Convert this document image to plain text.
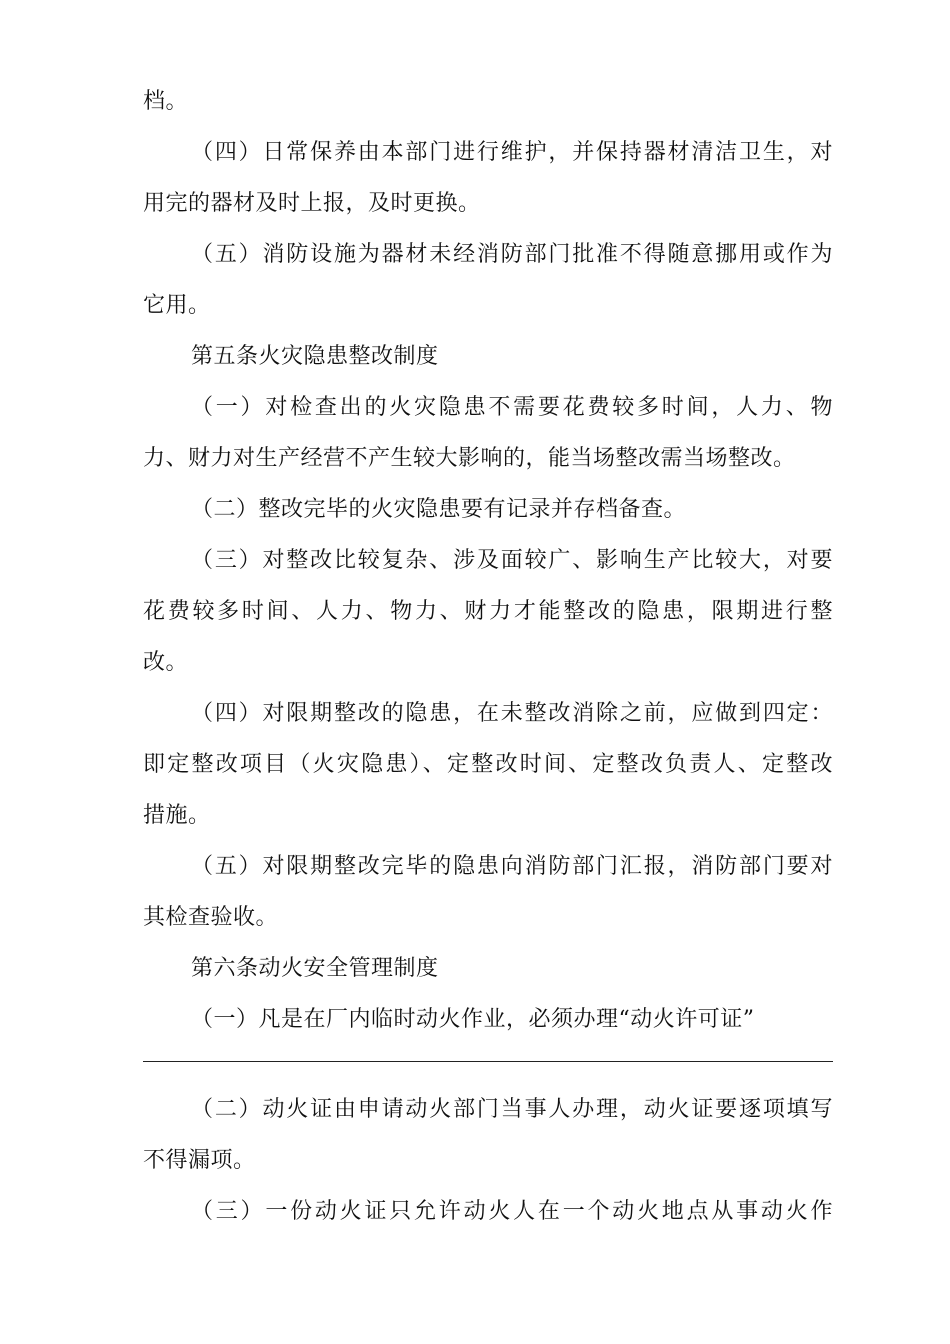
档。
（四）日常保养由本部门进行维护，并保持器材清洁卫生，对
用完的器材及时上报，及时更换。
（五）消防设施为器材未经消防部门批准不得随意挪用或作为
它用。
第五条火灾隐患整改制度
（一）对检查出的火灾隐患不需要花费较多时间，人力、物
力、财力对生产经营不产生较大影响的，能当场整改需当场整改。
（二）整改完毕的火灾隐患要有记录并存档备查。
（三）对整改比较复杂、涉及面较广、影响生产比较大，对要
花费较多时间、人力、物力、财力才能整改的隐患，限期进行整
改。
（四）对限期整改的隐患，在未整改消除之前，应做到四定：
即定整改项目（火灾隐患）、定整改时间、定整改负责人、定整改
措施。
（五）对限期整改完毕的隐患向消防部门汇报，消防部门要对
其检查验收。
第六条动火安全管理制度
（一）凡是在厂内临时动火作业，必须办理“动火许可证”
（二）动火证由申请动火部门当事人办理，动火证要逐项填写
不得漏项。
（三）一份动火证只允许动火人在一个动火地点从事动火作
